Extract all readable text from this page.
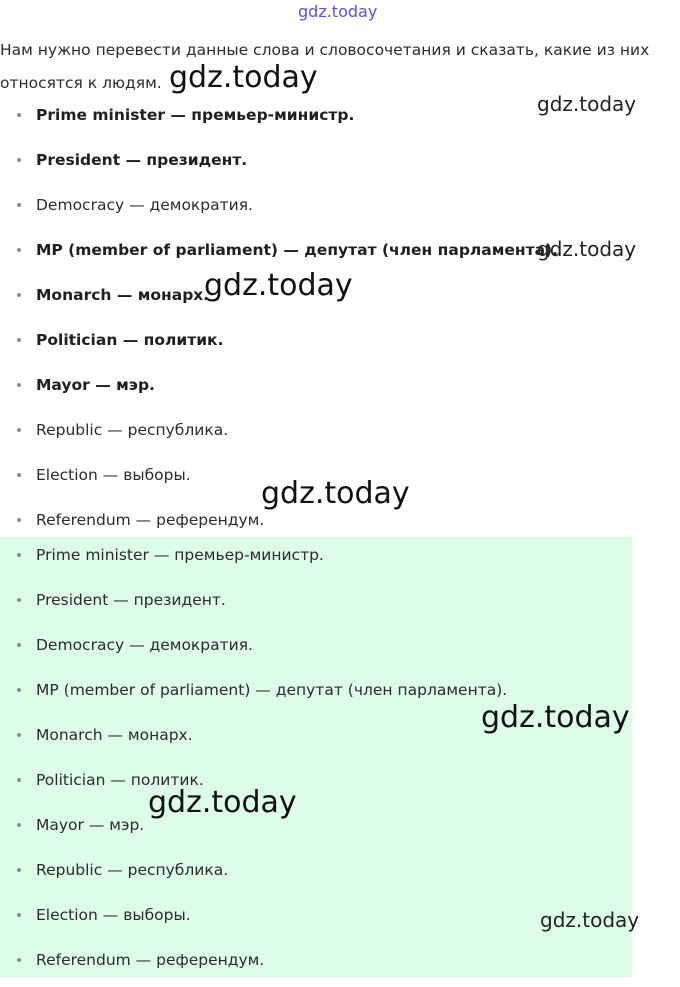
gdz.today
Нам нужно перевести данные слова и словосочетания и сказать, какие из них относятся к людям.
Prime minister — премьер-министр.
President — президент.
Democracy — демократия.
MP (member of parliament) — депутат (член парламента).
Monarch — монарх.
Politician — политик.
Mayor — мэр.
Republic — республика.
Election — выборы.
Referendum — референдум.
Prime minister — премьер-министр.
President — президент.
Democracy — демократия.
MP (member of parliament) — депутат (член парламента).
Monarch — монарх.
Politician — политик.
Mayor — мэр.
Republic — республика.
Election — выборы.
Referendum — референдум.
gdz.today
gdz.today
gdz.today
gdz.today
gdz.today
gdz.today
gdz.today
gdz.today
